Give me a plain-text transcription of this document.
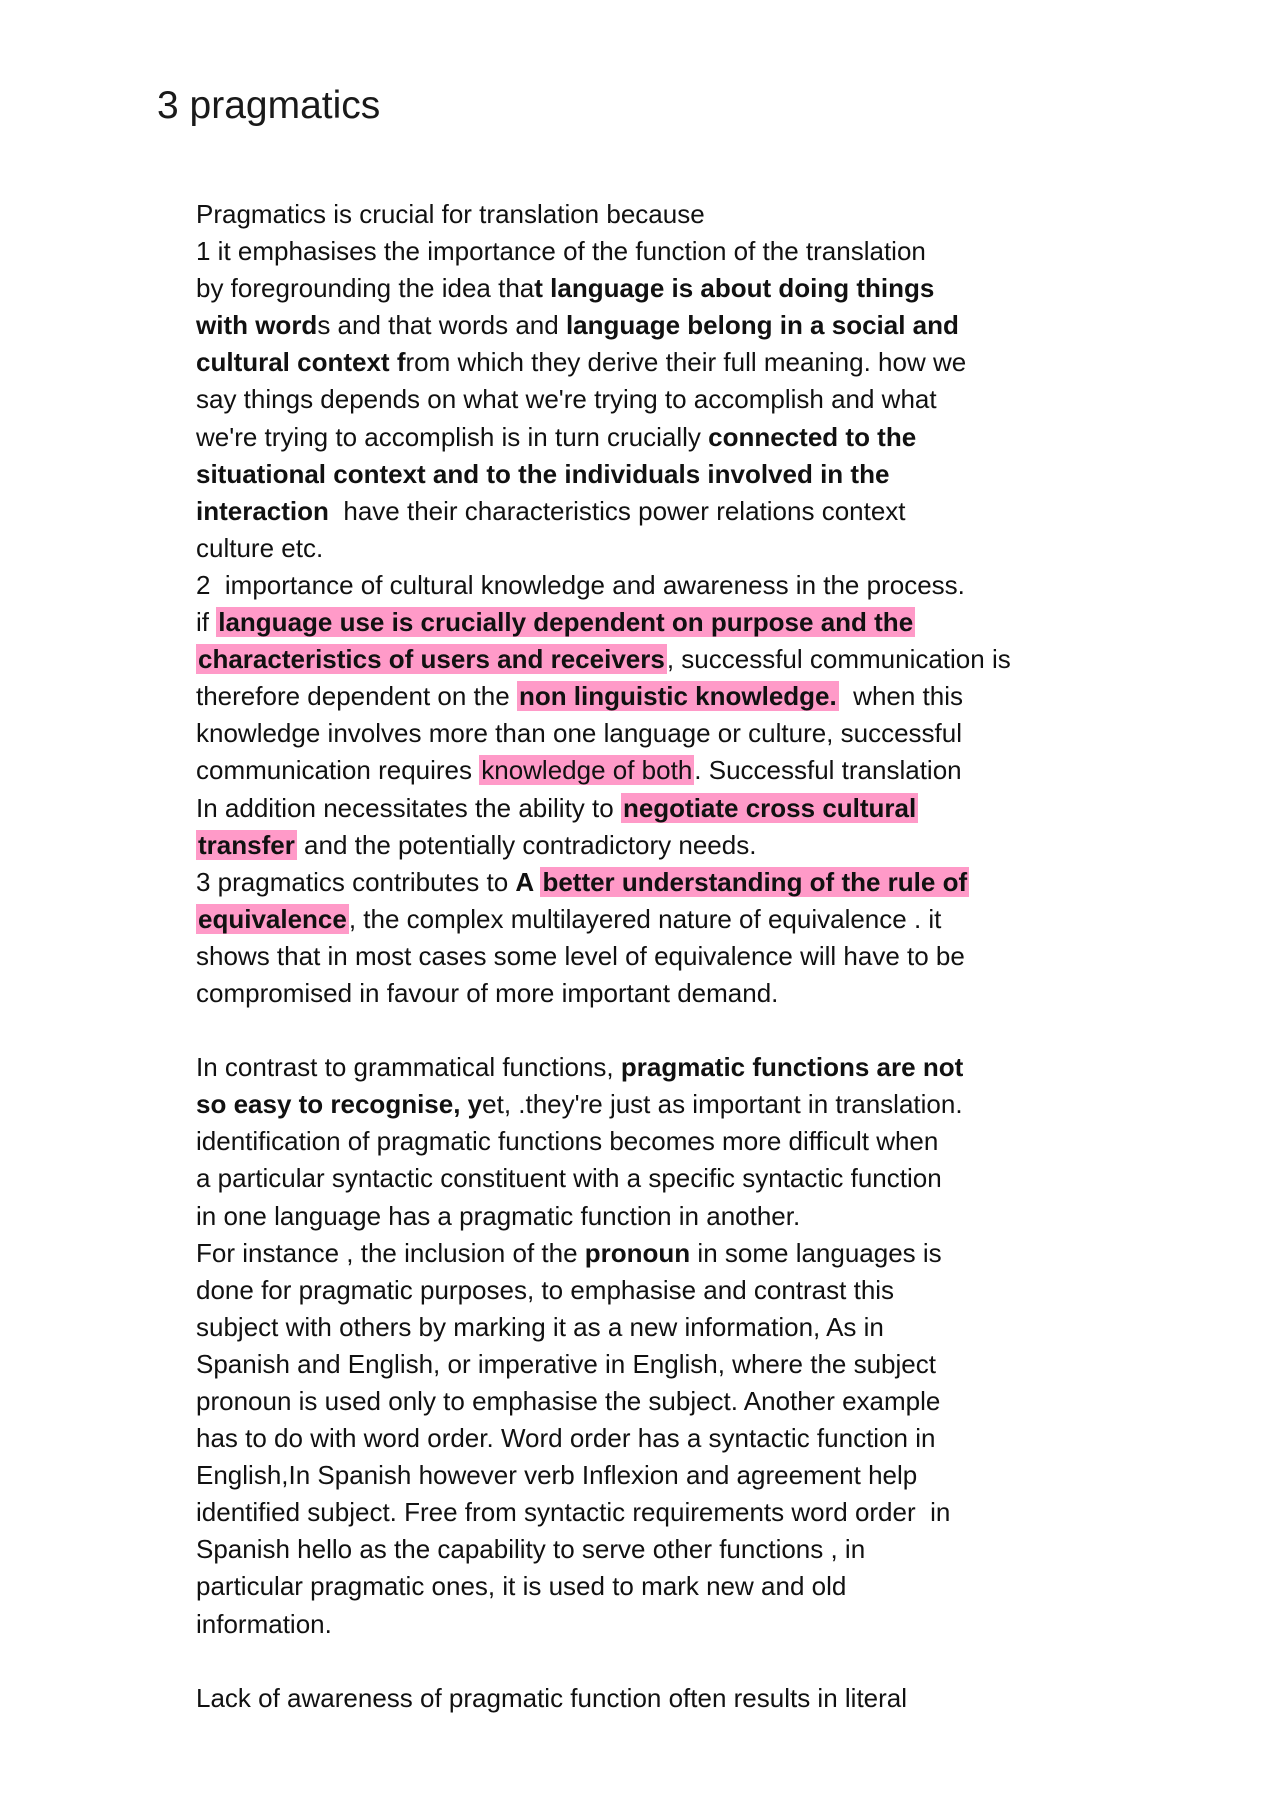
3 pragmatics
Pragmatics is crucial for translation because
1 it emphasises the importance of the function of the translation
by foregrounding the idea that language is about doing things
with words and that words and language belong in a social and
cultural context from which they derive their full meaning. how we
say things depends on what we're trying to accomplish and what
we're trying to accomplish is in turn crucially connected to the
situational context and to the individuals involved in the
interaction  have their characteristics power relations context
culture etc.
2  importance of cultural knowledge and awareness in the process.
if language use is crucially dependent on purpose and the
characteristics of users and receivers, successful communication is
therefore dependent on the non linguistic knowledge.  when this
knowledge involves more than one language or culture, successful
communication requires knowledge of both. Successful translation
In addition necessitates the ability to negotiate cross cultural
transfer and the potentially contradictory needs.
3 pragmatics contributes to A better understanding of the rule of
equivalence, the complex multilayered nature of equivalence . it
shows that in most cases some level of equivalence will have to be
compromised in favour of more important demand.
In contrast to grammatical functions, pragmatic functions are not
so easy to recognise, yet, .they're just as important in translation.
identification of pragmatic functions becomes more difficult when
a particular syntactic constituent with a specific syntactic function
in one language has a pragmatic function in another.
For instance , the inclusion of the pronoun in some languages is
done for pragmatic purposes, to emphasise and contrast this
subject with others by marking it as a new information, As in
Spanish and English, or imperative in English, where the subject
pronoun is used only to emphasise the subject. Another example
has to do with word order. Word order has a syntactic function in
English,In Spanish however verb Inflexion and agreement help
identified subject. Free from syntactic requirements word order  in
Spanish hello as the capability to serve other functions , in
particular pragmatic ones, it is used to mark new and old
information.
Lack of awareness of pragmatic function often results in literal
